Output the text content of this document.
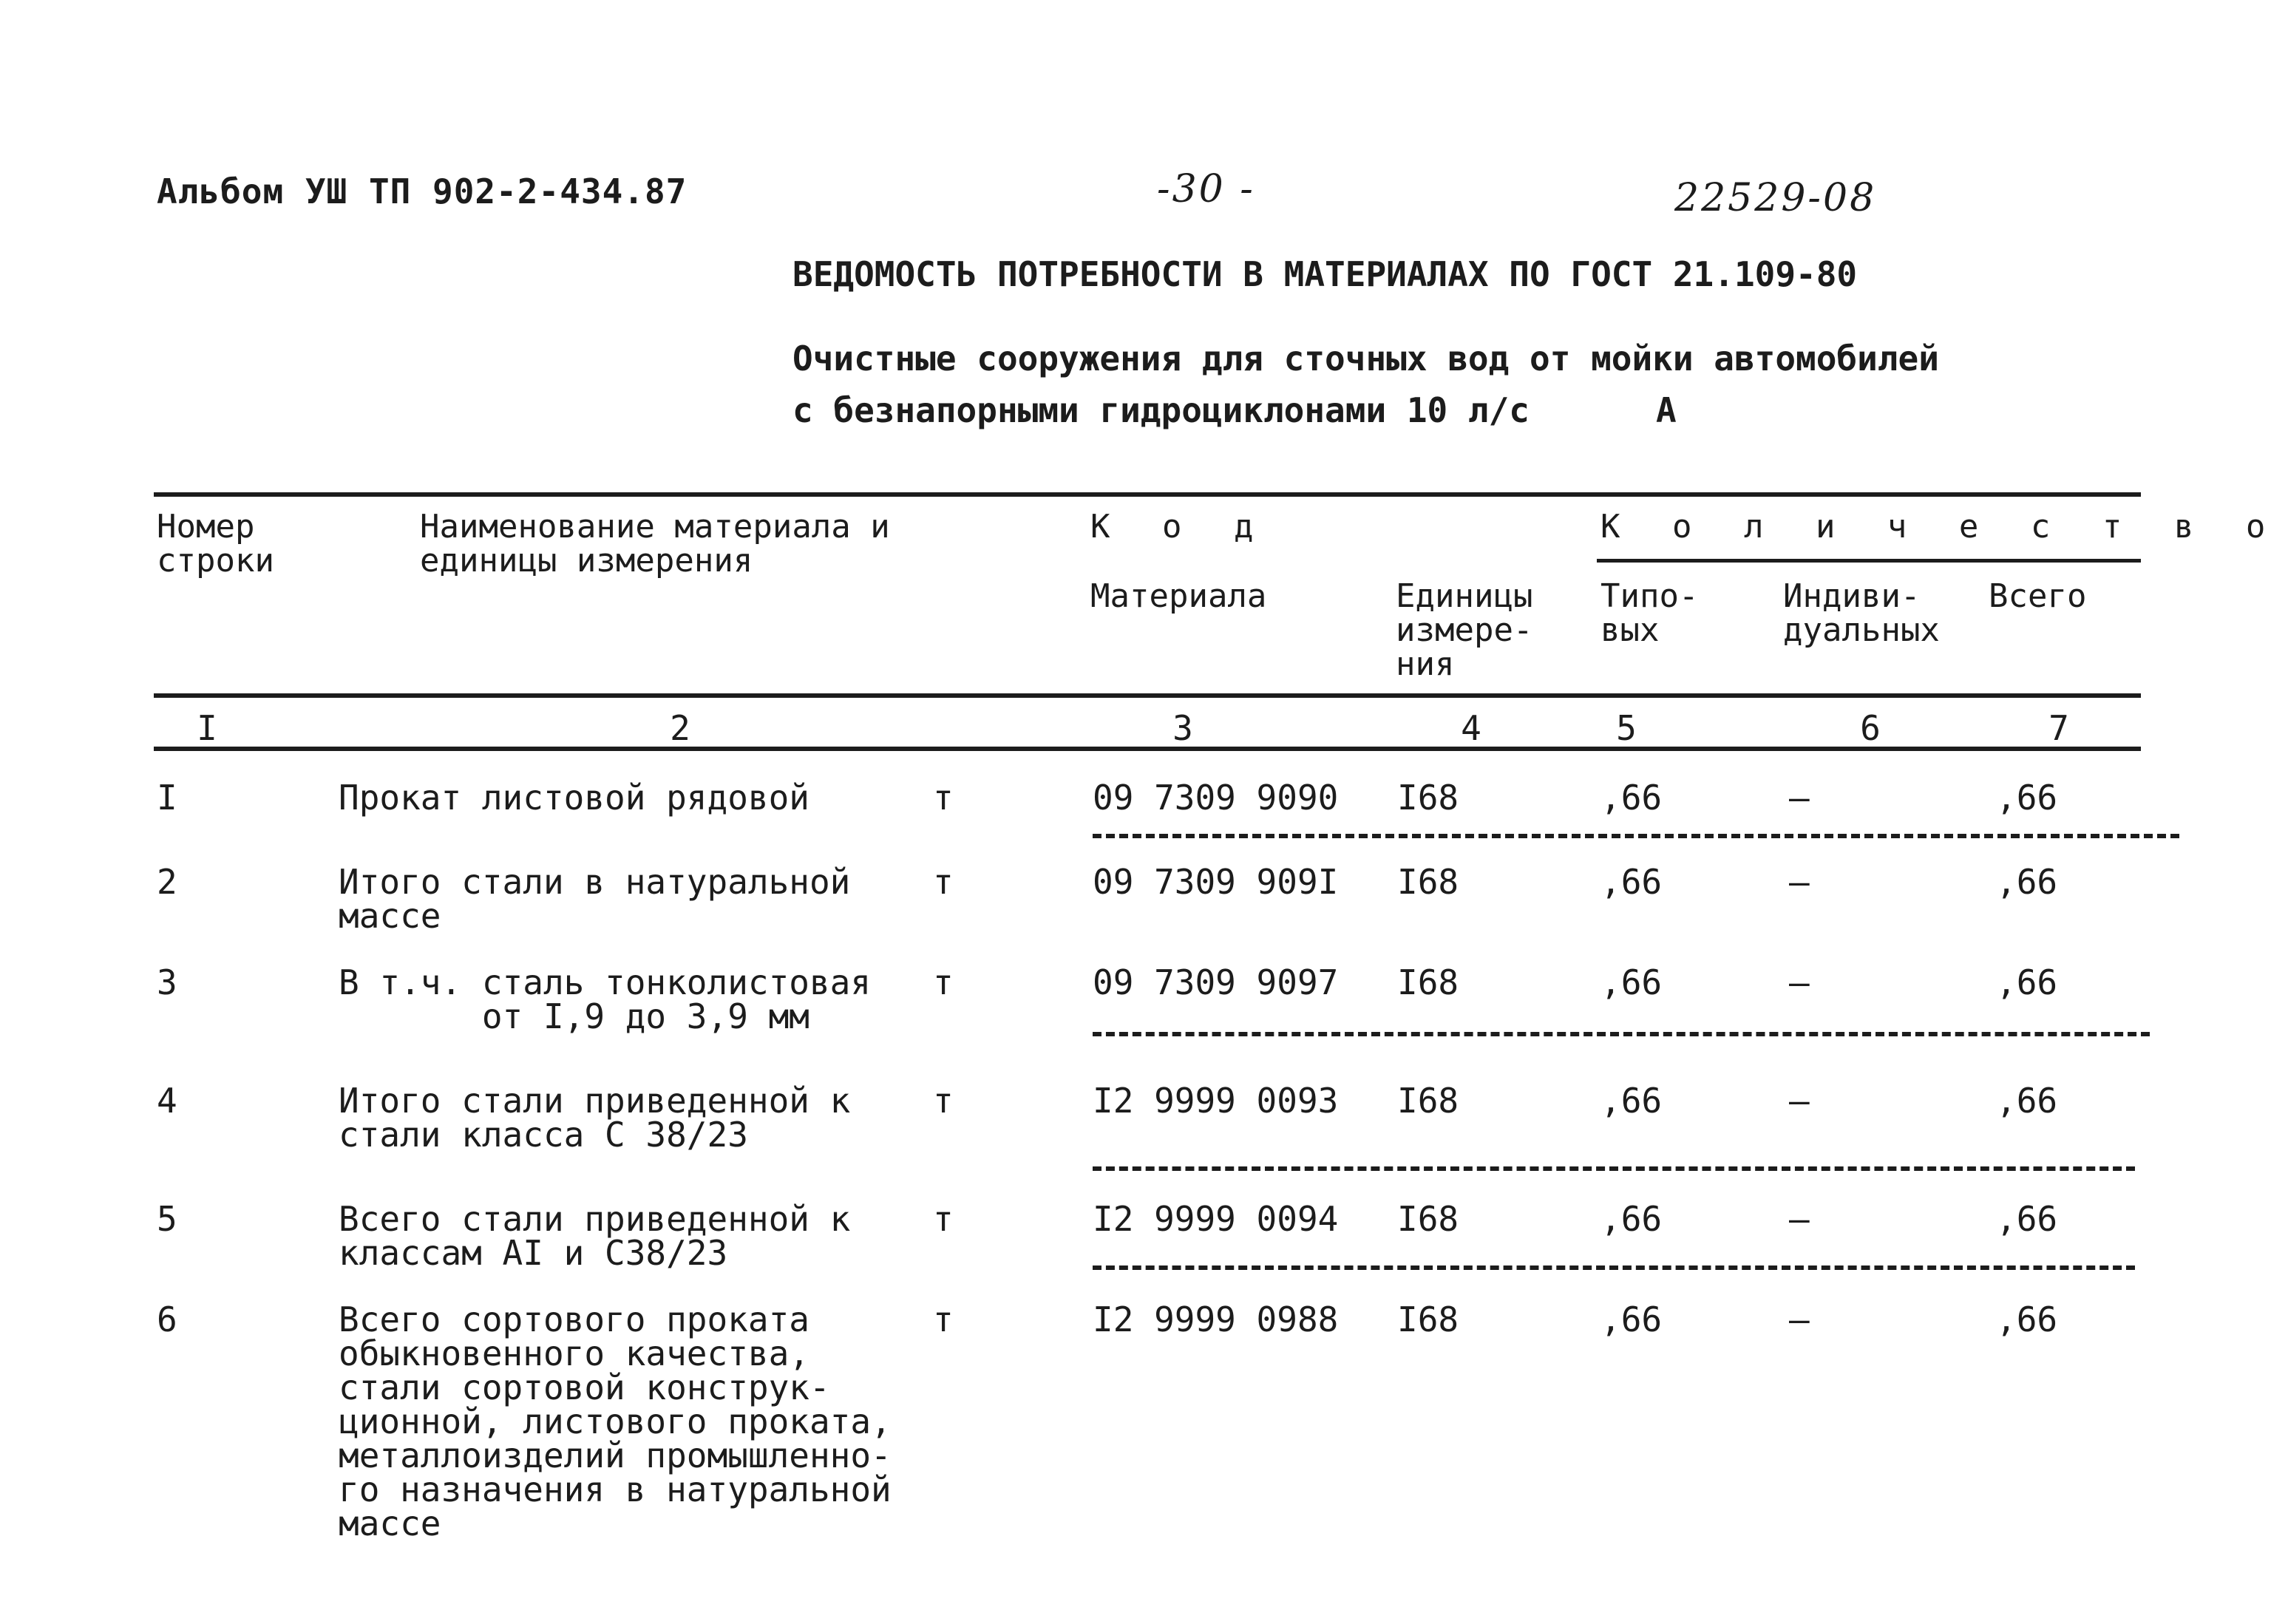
Альбом УШ ТП 902-2-434.87	-30 -	22529-08
ВЕДОМОСТЬ ПОТРЕБНОСТИ В МАТЕРИАЛАХ ПО ГОСТ 21.109-80
Очистные сооружения для сточных вод от мойки автомобилей
с безнапорными гидроциклонами 10 л/с	А
Номер
строки
Наименование материала и
единицы измерения
К о д	К о л и ч е с т в о
Материала	Единицы
измере-
ния
Типо-
вых
Индиви-
дуальных
Всего
I	2	3	4	5	6	7
I	Прокат листовой рядовой	т	09 7309 9090 I68	,66	–	,66
2	Итого стали в натуральной
массе
т	09 7309 909I I68	,66	–	,66
3	В т.ч. сталь тонколистовая
от I,9 до 3,9 мм
т	09 7309 9097 I68	,66	–	,66
4	Итого стали приведенной к
стали класса С 38/23
т	I2 9999 0093 I68	,66	–	,66
5	Всего стали приведенной к
классам AI и С38/23
т	I2 9999 0094 I68	,66	–	,66
6	Всего сортового проката
обыкновенного качества,
стали сортовой конструк-
ционной, листового проката,
металлоизделий промышленно-
го назначения в натуральной
массе
т	I2 9999 0988 I68	,66	–	,66
